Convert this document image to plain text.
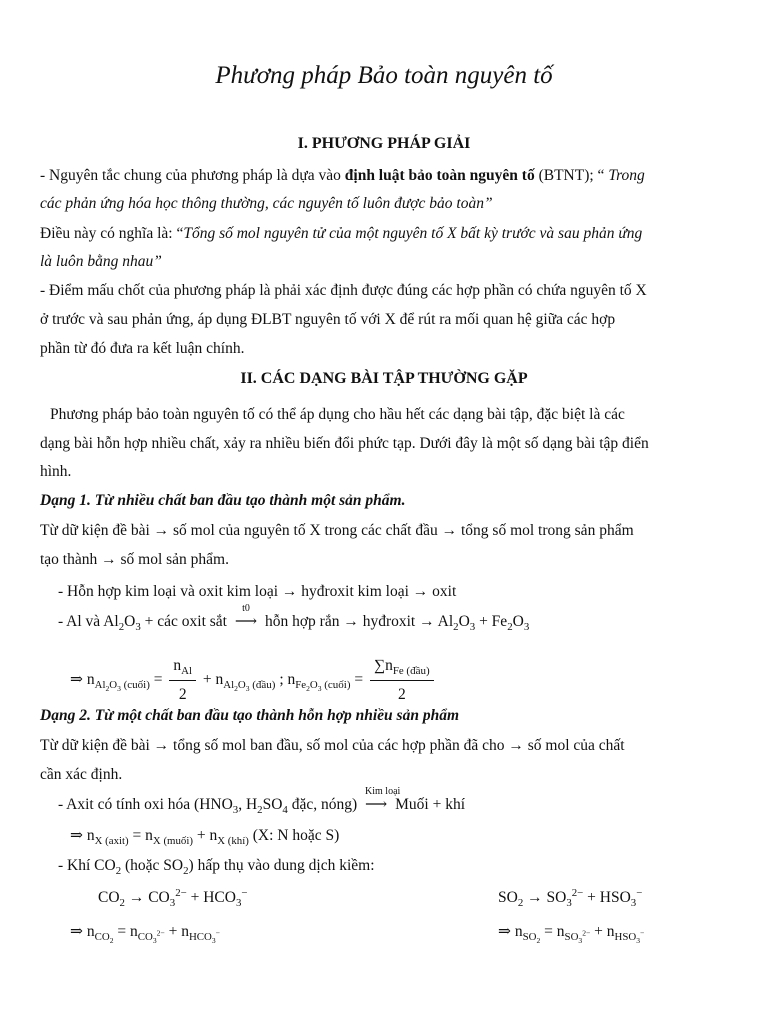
Phương pháp Bảo toàn nguyên tố
I. PHƯƠNG PHÁP GIẢI
- Nguyên tắc chung của phương pháp là dựa vào định luật bảo toàn nguyên tố (BTNT); “ Trong
các phản ứng hóa học thông thường, các nguyên tố luôn được bảo toàn”
Điều này có nghĩa là: “Tổng số mol nguyên tử của một nguyên tố X bất kỳ trước và sau phản ứng
là luôn bằng nhau”
- Điểm mấu chốt của phương pháp là phải xác định được đúng các hợp phần có chứa nguyên tố X
ở trước và sau phản ứng, áp dụng ĐLBT nguyên tố với X để rút ra mối quan hệ giữa các hợp
phần từ đó đưa ra kết luận chính.
II. CÁC DẠNG BÀI TẬP THƯỜNG GẶP
Phương pháp bảo toàn nguyên tố có thể áp dụng cho hầu hết các dạng bài tập, đặc biệt là các
dạng bài hỗn hợp nhiều chất, xảy ra nhiều biến đổi phức tạp. Dưới đây là một số dạng bài tập điển
hình.
Dạng 1. Từ nhiều chất ban đầu tạo thành một sản phẩm.
Từ dữ kiện đề bài → số mol của nguyên tố X trong các chất đầu → tổng số mol trong sản phẩm
tạo thành → số mol sản phẩm.
- Hỗn hợp kim loại và oxit kim loại → hyđroxit kim loại → oxit
- Al và $Al_2O_3$ + các oxit sắt
t0
⟶ hỗn hợp rắn → hyđroxit → $Al_2O_3 + Fe_2O_3$
⇒ $n_{Al_2O_3 (cuối)} = \frac{n_{Al}}{2} + n_{Al_2O_3 (đầu)}$ ; $n_{Fe_2O_3 (cuối)} = \frac{\sum n_{Fe (đầu)}}{2}$
Dạng 2. Từ một chất ban đầu tạo thành hỗn hợp nhiều sản phẩm
Từ dữ kiện đề bài → tổng số mol ban đầu, số mol của các hợp phần đã cho → số mol của chất
cần xác định.
- Axit có tính oxi hóa ($HNO_3$, $H_2SO_4$ đặc, nóng)
Kim loại
⟶ Muối + khí
⇒ $n_{X (axit)} = n_{X (muối)} + n_{X (khí)}$ (X: N hoặc S)
- Khí $CO_2$ (hoặc $SO_2$) hấp thụ vào dung dịch kiềm:
$CO_2 \to CO_3^{2-} + HCO_3^-$	$SO_2 \to SO_3^{2-} + HSO_3^-$
⇒ $n_{CO_2} = n_{CO_3^{2-}} + n_{HCO_3^-}$	⇒ $n_{SO_2} = n_{SO_3^{2-}} + n_{HSO_3^-}$
